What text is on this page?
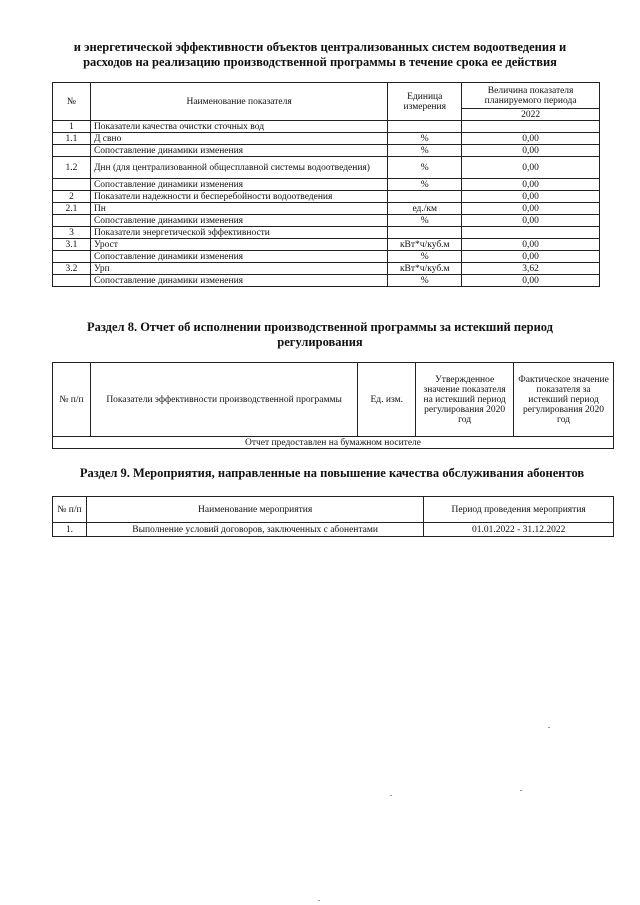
и энергетической эффективности объектов централизованных систем водоотведения и
расходов на реализацию производственной программы в течение срока ее действия
№	Наименование показателя	Единица измерения	Величина показателя планируемого периода
			2022
1	Показатели качества очистки сточных вод		
1.1	Д свно	%	0,00
	Сопоставление динамики изменения	%	0,00
1.2	Днн (для централизованной общесплавной системы водоотведения)	%	0,00
	Сопоставление динамики изменения	%	0,00
2	Показатели надежности и бесперебойности водоотведения		0,00
2.1	Пн	ед./км	0,00
	Сопоставление динамики изменения	%	0,00
3	Показатели энергетической эффективности		
3.1	Урост	кВт*ч/куб.м	0,00
	Сопоставление динамики изменения	%	0,00
3.2	Урп	кВт*ч/куб.м	3,62
	Сопоставление динамики изменения	%	0,00
Раздел 8. Отчет об исполнении производственной программы за истекший период
регулирования
№ п/п	Показатели эффективности производственной программы	Ед. изм.	Утвержденное значение показателя на истекший период регулирования 2020 год	Фактическое значение показателя за истекший период регулирования 2020 год
Отчет предоставлен на бумажном носителе
Раздел 9. Мероприятия, направленные на повышение качества обслуживания абонентов
№ п/п	Наименование мероприятия	Период проведения мероприятия
1.	Выполнение условий договоров, заключенных с абонентами	01.01.2022 - 31.12.2022
